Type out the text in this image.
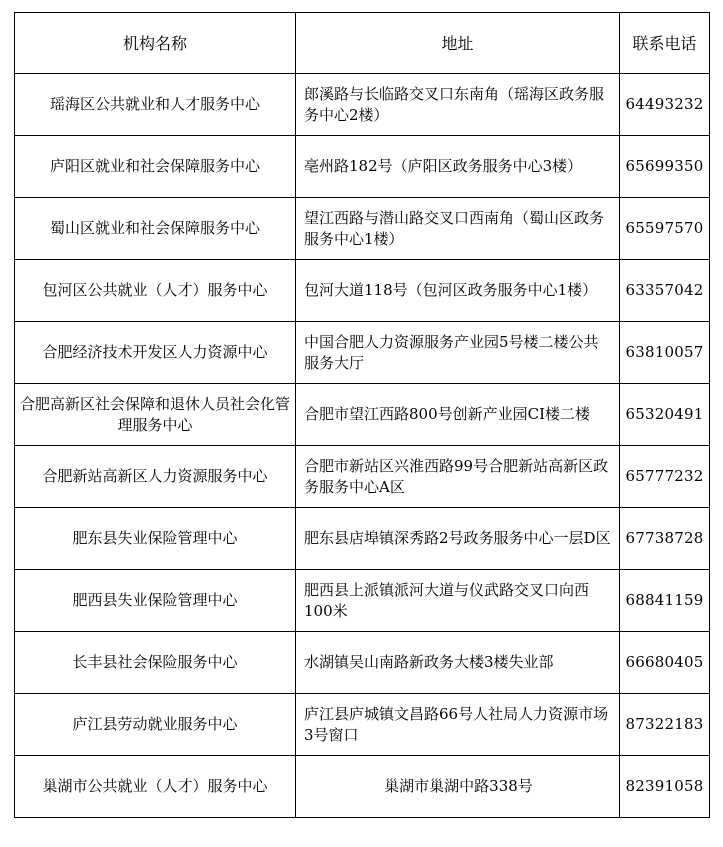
机构名称	地址	联系电话
瑶海区公共就业和人才服务中心	郎溪路与长临路交叉口东南角（瑶海区政务服务中心2楼）	64493232
庐阳区就业和社会保障服务中心	亳州路182号（庐阳区政务服务中心3楼）	65699350
蜀山区就业和社会保障服务中心	望江西路与潜山路交叉口西南角（蜀山区政务服务中心1楼）	65597570
包河区公共就业（人才）服务中心	包河大道118号（包河区政务服务中心1楼）	63357042
合肥经济技术开发区人力资源中心	中国合肥人力资源服务产业园5号楼二楼公共服务大厅	63810057
合肥高新区社会保障和退休人员社会化管理服务中心	合肥市望江西路800号创新产业园CI楼二楼	65320491
合肥新站高新区人力资源服务中心	合肥市新站区兴淮西路99号合肥新站高新区政务服务中心A区	65777232
肥东县失业保险管理中心	肥东县店埠镇深秀路2号政务服务中心一层D区	67738728
肥西县失业保险管理中心	肥西县上派镇派河大道与仪武路交叉口向西100米	68841159
长丰县社会保险服务中心	水湖镇吴山南路新政务大楼3楼失业部	66680405
庐江县劳动就业服务中心	庐江县庐城镇文昌路66号人社局人力资源市场3号窗口	87322183
巢湖市公共就业（人才）服务中心	巢湖市巢湖中路338号	82391058
